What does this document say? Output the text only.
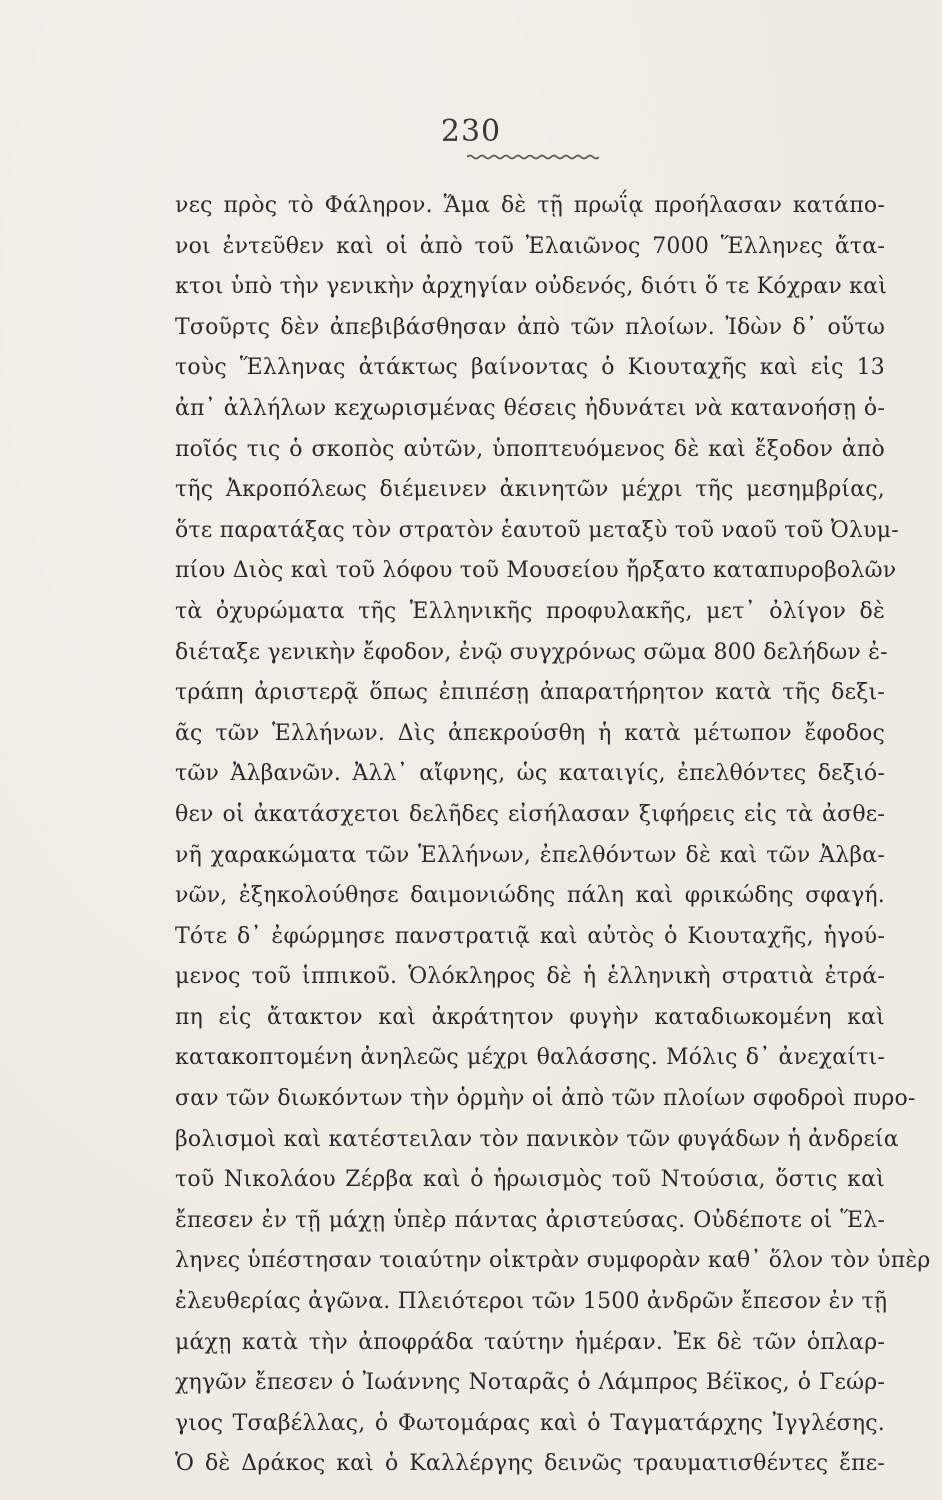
230
νες πρὸς τὸ Φάληρον. Ἅμα δὲ τῇ πρωΐᾳ προήλασαν κατάπο-
νοι ἐντεῦθεν καὶ οἱ ἀπὸ τοῦ Ἐλαιῶνος 7000 Ἕλληνες ἄτα-
κτοι ὑπὸ τὴν γενικὴν ἀρχηγίαν οὐδενός, διότι ὅ τε Κόχραν καὶ
Τσοῦρτς δὲν ἀπεβιβάσθησαν ἀπὸ τῶν πλοίων. Ἰδὼν δ᾽ οὕτω
τοὺς Ἕλληνας ἀτάκτως βαίνοντας ὁ Κιουταχῆς καὶ εἰς 13
ἀπ᾽ ἀλλήλων κεχωρισμένας θέσεις ἠδυνάτει νὰ κατανοήσῃ ὁ-
ποῖός τις ὁ σκοπὸς αὐτῶν, ὑποπτευόμενος δὲ καὶ ἔξοδον ἀπὸ
τῆς Ἀκροπόλεως διέμεινεν ἀκινητῶν μέχρι τῆς μεσημβρίας,
ὅτε παρατάξας τὸν στρατὸν ἑαυτοῦ μεταξὺ τοῦ ναοῦ τοῦ Ὀλυμ-
πίου Διὸς καὶ τοῦ λόφου τοῦ Μουσείου ἤρξατο καταπυροβολῶν
τὰ ὀχυρώματα τῆς Ἑλληνικῆς προφυλακῆς, μετ᾽ ὀλίγον δὲ
διέταξε γενικὴν ἔφοδον, ἐνῷ συγχρόνως σῶμα 800 δελήδων ἐ-
τράπη ἀριστερᾷ ὅπως ἐπιπέσῃ ἀπαρατήρητον κατὰ τῆς δεξι-
ᾶς τῶν Ἑλλήνων. Δὶς ἀπεκρούσθη ἡ κατὰ μέτωπον ἔφοδος
τῶν Ἀλβανῶν. Ἀλλ᾽ αἴφνης, ὡς καταιγίς, ἐπελθόντες δεξιό-
θεν οἱ ἀκατάσχετοι δελῆδες εἰσήλασαν ξιφήρεις εἰς τὰ ἀσθε-
νῆ χαρακώματα τῶν Ἑλλήνων, ἐπελθόντων δὲ καὶ τῶν Ἀλβα-
νῶν, ἐξηκολούθησε δαιμονιώδης πάλη καὶ φρικώδης σφαγή.
Τότε δ᾽ ἐφώρμησε πανστρατιᾷ καὶ αὐτὸς ὁ Κιουταχῆς, ἡγού-
μενος τοῦ ἱππικοῦ. Ὁλόκληρος δὲ ἡ ἑλληνικὴ στρατιὰ ἐτρά-
πη εἰς ἄτακτον καὶ ἀκράτητον φυγὴν καταδιωκομένη καὶ
κατακοπτομένη ἀνηλεῶς μέχρι θαλάσσης. Μόλις δ᾽ ἀνεχαίτι-
σαν τῶν διωκόντων τὴν ὁρμὴν οἱ ἀπὸ τῶν πλοίων σφοδροὶ πυρο-
βολισμοὶ καὶ κατέστειλαν τὸν πανικὸν τῶν φυγάδων ἡ ἀνδρεία
τοῦ Νικολάου Ζέρβα καὶ ὁ ἡρωισμὸς τοῦ Ντούσια, ὅστις καὶ
ἔπεσεν ἐν τῇ μάχῃ ὑπὲρ πάντας ἀριστεύσας. Οὐδέποτε οἱ Ἕλ-
ληνες ὑπέστησαν τοιαύτην οἰκτρὰν συμφορὰν καθ᾽ ὅλον τὸν ὑπὲρ
ἐλευθερίας ἀγῶνα. Πλειότεροι τῶν 1500 ἀνδρῶν ἔπεσον ἐν τῇ
μάχῃ κατὰ τὴν ἀποφράδα ταύτην ἡμέραν. Ἐκ δὲ τῶν ὁπλαρ-
χηγῶν ἔπεσεν ὁ Ἰωάννης Νοταρᾶς ὁ Λάμπρος Βέϊκος, ὁ Γεώρ-
γιος Τσαβέλλας, ὁ Φωτομάρας καὶ ὁ Ταγματάρχης Ἰγγλέσης.
Ὁ δὲ Δράκος καὶ ὁ Καλλέργης δεινῶς τραυματισθέντες ἔπε-
